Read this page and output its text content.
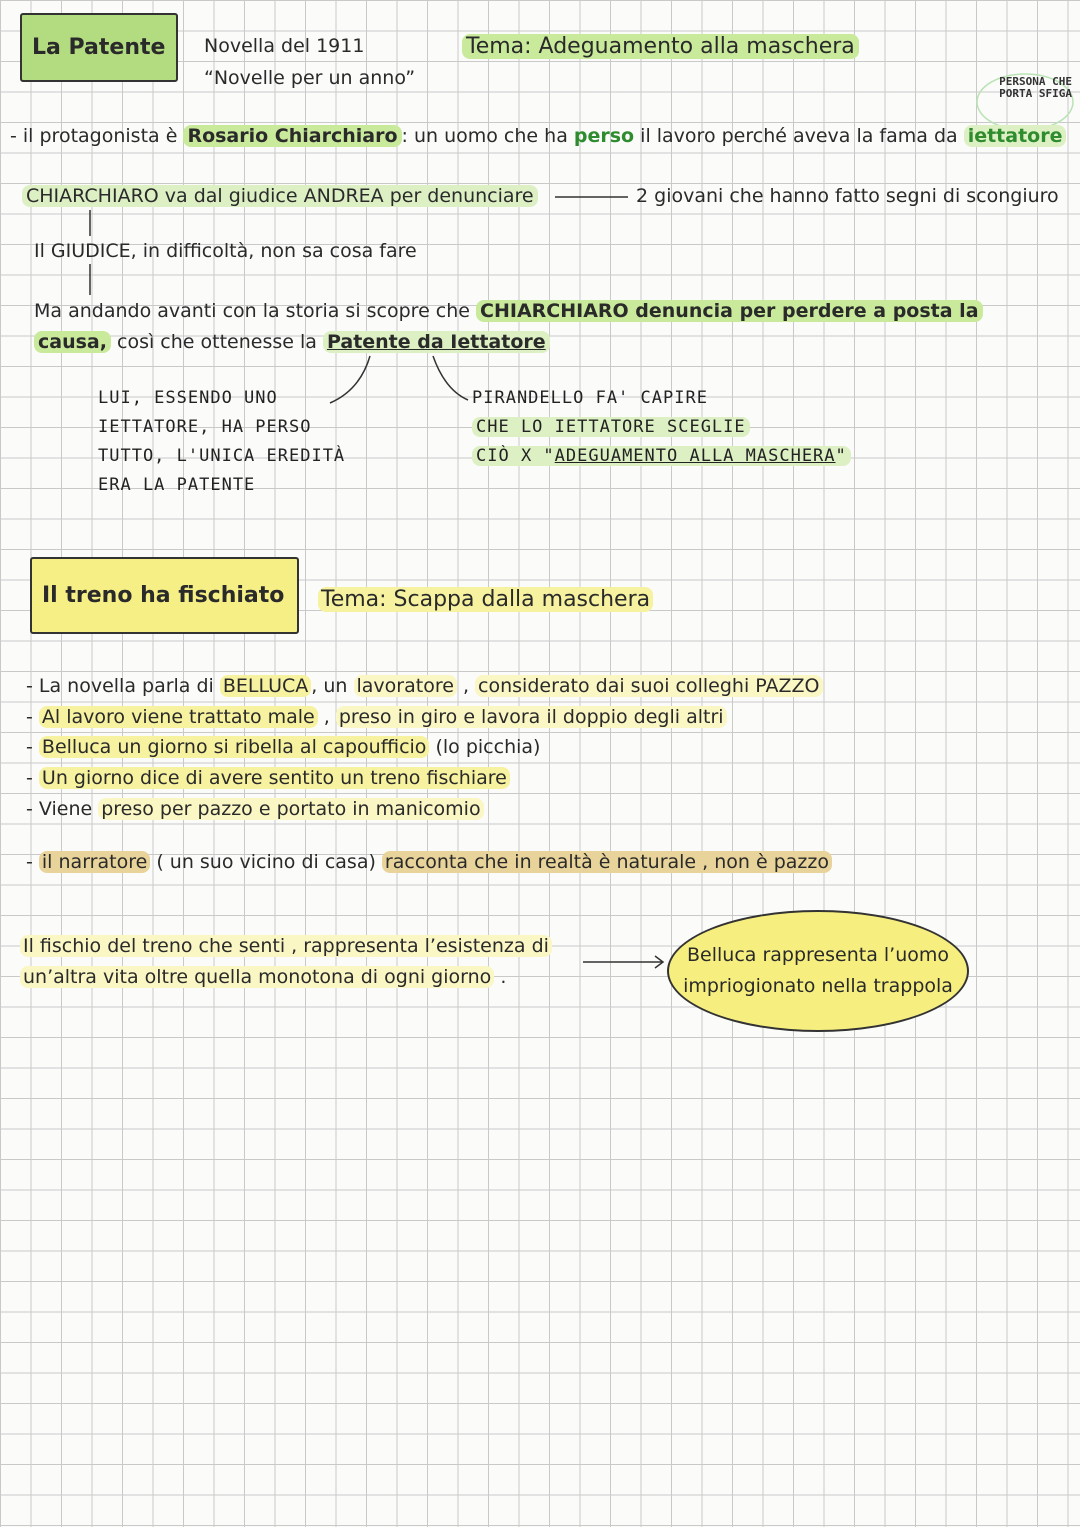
La Patente Novella del 1911
“Novelle per un anno”
Tema: Adeguamento alla maschera
PERSONA CHE
PORTA SFIGA
- il protagonista è Rosario Chiarchiaro : un uomo che ha perso il lavoro perché aveva la fama da iettatore
CHIARCHIARO va dal giudice ANDREA per denunciare	2 giovani che hanno fatto segni di scongiuro
Il GIUDICE, in difficoltà, non sa cosa fare
Ma andando avanti con la storia si scopre che CHIARCHIARO denuncia per perdere a posta la
causa, così che ottenesse la Patente da Iettatore
LUI, ESSENDO UNO
IETTATORE, HA PERSO
TUTTO, L'UNICA EREDITÀ
ERA LA PATENTE
PIRANDELLO FA' CAPIRE
CHE LO IETTATORE SCEGLIE
CIÒ X "ADEGUAMENTO ALLA MASCHERA"
Il treno ha fischiato Tema: Scappa dalla maschera
- La novella parla di BELLUCA , un lavoratore , considerato dai suoi colleghi PAZZO
- Al lavoro viene trattato male , preso in giro e lavora il doppio degli altri
- Belluca un giorno si ribella al capoufficio (lo picchia)
- Un giorno dice di avere sentito un treno fischiare
- Viene preso per pazzo e portato in manicomio
- il narratore ( un suo vicino di casa) racconta che in realtà è naturale , non è pazzo
Il fischio del treno che senti , rappresenta l’esistenza di
un’altra vita oltre quella monotona di ogni giorno .
Belluca rappresenta l’uomo
impriogionato nella trappola
